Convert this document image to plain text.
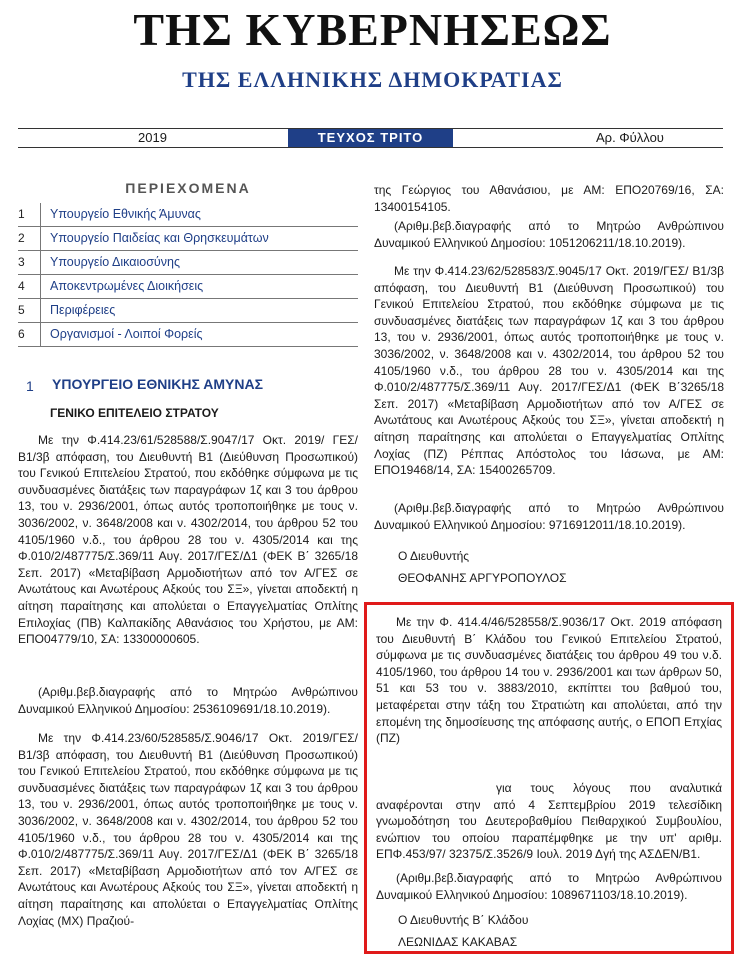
ΤΗΣ ΚΥΒΕΡΝΗΣΕΩΣ
ΤΗΣ ΕΛΛΗΝΙΚΗΣ ΔΗΜΟΚΡΑΤΙΑΣ
2019	ΤΕΥΧΟΣ ΤΡΙΤΟ	Αρ. Φύλλου
ΠΕΡΙΕΧΟΜΕΝΑ
1	Υπουργείο Εθνικής Άμυνας
2	Υπουργείο Παιδείας και Θρησκευμάτων
3	Υπουργείο Δικαιοσύνης
4	Αποκεντρωμένες Διοικήσεις
5	Περιφέρειες
6	Οργανισμοί - Λοιποί Φορείς
1 ΥΠΟΥΡΓΕΙΟ ΕΘΝΙΚΗΣ ΑΜΥΝΑΣ
ΓΕΝΙΚΟ ΕΠΙΤΕΛΕΙΟ ΣΤΡΑΤΟΥ
Με την Φ.414.23/61/528588/Σ.9047/17 Οκτ. 2019/ ΓΕΣ/Β1/3β απόφαση, του Διευθυντή Β1 (Διεύθυνση Προσωπικού) του Γενικού Επιτελείου Στρατού, που εκδόθηκε σύμφωνα με τις συνδυασμένες διατάξεις των παραγράφων 1ζ και 3 του άρθρου 13, του ν. 2936/2001, όπως αυτός τροποποιήθηκε με τους ν. 3036/2002, ν. 3648/2008 και ν. 4302/2014, του άρθρου 52 του 4105/1960 ν.δ., του άρθρου 28 του ν. 4305/2014 και της Φ.010/2/487775/Σ.369/11 Αυγ. 2017/ΓΕΣ/Δ1 (ΦΕΚ Β΄ 3265/18 Σεπ. 2017) «Μεταβίβαση Αρμοδιοτήτων από τον Α/ΓΕΣ σε Ανωτάτους και Ανωτέρους Αξκούς του ΣΞ», γίνεται αποδεκτή η αίτηση παραίτησης και απολύεται ο Επαγγελματίας Οπλίτης Επιλοχίας (ΠΒ) Καλπακίδης Αθανάσιος του Χρήστου, με ΑΜ: ΕΠΟ04779/10, ΣΑ: 13300000605.
(Αριθμ.βεβ.διαγραφής από το Μητρώο Ανθρώπινου Δυναμικού Ελληνικού Δημοσίου: 2536109691/18.10.2019).
Με την Φ.414.23/60/528585/Σ.9046/17 Οκτ. 2019/ΓΕΣ/ Β1/3β απόφαση, του Διευθυντή Β1 (Διεύθυνση Προσωπικού) του Γενικού Επιτελείου Στρατού, που εκδόθηκε σύμφωνα με τις συνδυασμένες διατάξεις των παραγράφων 1ζ και 3 του άρθρου 13, του ν. 2936/2001, όπως αυτός τροποποιήθηκε με τους ν. 3036/2002, ν. 3648/2008 και ν. 4302/2014, του άρθρου 52 του 4105/1960 ν.δ., του άρθρου 28 του ν. 4305/2014 και της Φ.010/2/487775/Σ.369/11 Αυγ. 2017/ΓΕΣ/Δ1 (ΦΕΚ Β΄ 3265/18 Σεπ. 2017) «Μεταβίβαση Αρμοδιοτήτων από τον Α/ΓΕΣ σε Ανωτάτους και Ανωτέρους Αξκούς του ΣΞ», γίνεται αποδεκτή η αίτηση παραίτησης και απολύεται ο Επαγγελματίας Οπλίτης Λοχίας (ΜΧ) Πραζιού-
της Γεώργιος του Αθανάσιου, με ΑΜ: ΕΠΟ20769/16, ΣΑ: 13400154105.
(Αριθμ.βεβ.διαγραφής από το Μητρώο Ανθρώπινου Δυναμικού Ελληνικού Δημοσίου: 1051206211/18.10.2019).
Με την Φ.414.23/62/528583/Σ.9045/17 Οκτ. 2019/ΓΕΣ/ Β1/3β απόφαση, του Διευθυντή Β1 (Διεύθυνση Προσωπικού) του Γενικού Επιτελείου Στρατού, που εκδόθηκε σύμφωνα με τις συνδυασμένες διατάξεις των παραγράφων 1ζ και 3 του άρθρου 13, του ν. 2936/2001, όπως αυτός τροποποιήθηκε με τους ν. 3036/2002, ν. 3648/2008 και ν. 4302/2014, του άρθρου 52 του 4105/1960 ν.δ., του άρθρου 28 του ν. 4305/2014 και της Φ.010/2/487775/Σ.369/11 Αυγ. 2017/ΓΕΣ/Δ1 (ΦΕΚ Β΄3265/18 Σεπ. 2017) «Μεταβίβαση Αρμοδιοτήτων από τον Α/ΓΕΣ σε Ανωτάτους και Ανωτέρους Αξκούς του ΣΞ», γίνεται αποδεκτή η αίτηση παραίτησης και απολύεται ο Επαγγελματίας Οπλίτης Λοχίας (ΠΖ) Ρέππας Απόστολος του Ιάσωνα, με ΑΜ: ΕΠΟ19468/14, ΣΑ: 15400265709.
(Αριθμ.βεβ.διαγραφής από το Μητρώο Ανθρώπινου Δυναμικού Ελληνικού Δημοσίου: 9716912011/18.10.2019).
Ο Διευθυντής
ΘΕΟΦΑΝΗΣ ΑΡΓΥΡΟΠΟΥΛΟΣ
Με την Φ. 414.4/46/528558/Σ.9036/17 Οκτ. 2019 απόφαση του Διευθυντή Β΄ Κλάδου του Γενικού Επιτελείου Στρατού, σύμφωνα με τις συνδυασμένες διατάξεις του άρθρου 49 του ν.δ. 4105/1960, του άρθρου 14 του ν. 2936/2001 και των άρθρων 50, 51 και 53 του ν. 3883/2010, εκπίπτει του βαθμού του, μεταφέρεται στην τάξη του Στρατιώτη και απολύεται, από την επομένη της δημοσίευσης της απόφασης αυτής, ο ΕΠΟΠ Επχίας (ΠΖ)
για τους λόγους που αναλυτικά αναφέρονται στην από 4 Σεπτεμβρίου 2019 τελεσίδικη γνωμοδότηση του Δευτεροβαθμίου Πειθαρχικού Συμβουλίου, ενώπιον του οποίου παραπέμφθηκε με την υπ' αριθμ. ΕΠΦ.453/97/ 32375/Σ.3526/9 Ιουλ. 2019 Δγή της ΑΣΔΕΝ/Β1.
(Αριθμ.βεβ.διαγραφής από το Μητρώο Ανθρώπινου Δυναμικού Ελληνικού Δημοσίου: 1089671103/18.10.2019).
Ο Διευθυντής Β΄ Κλάδου
ΛΕΩΝΙΔΑΣ ΚΑΚΑΒΑΣ
